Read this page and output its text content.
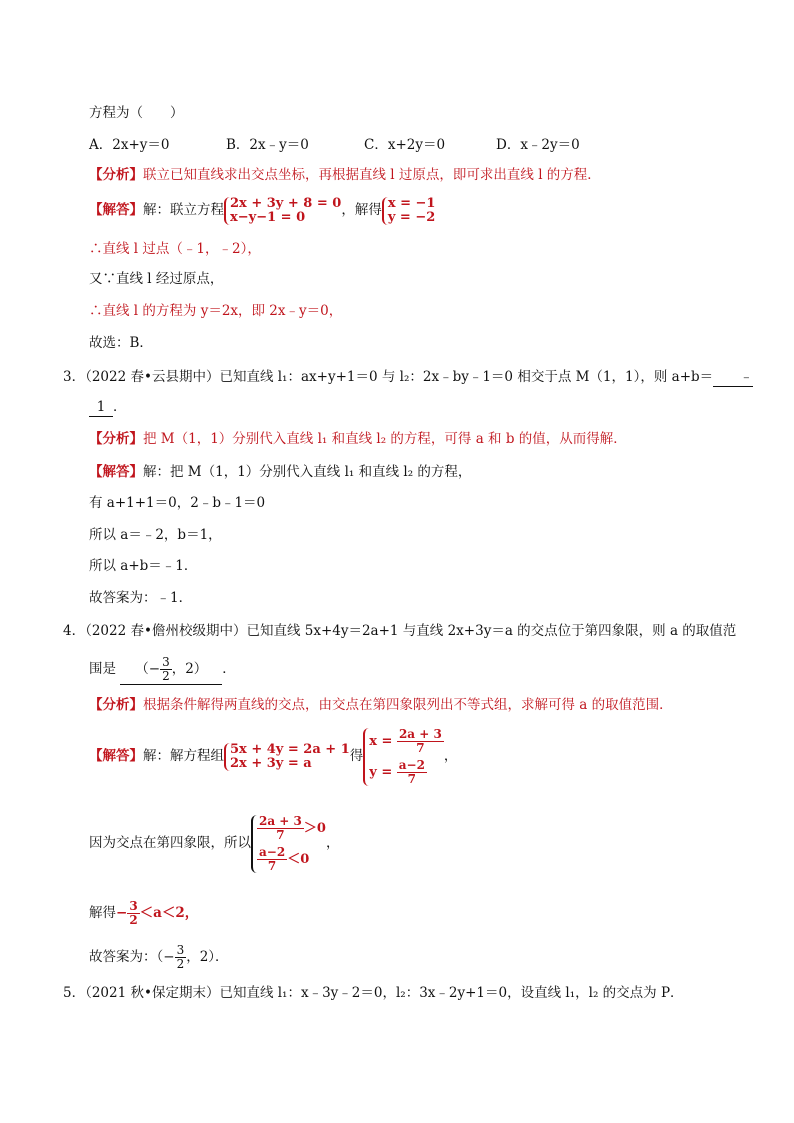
方程为（　　）
A．2x+y＝0	B．2x﹣y＝0	C．x+2y＝0	D．x﹣2y＝0
【分析】联立已知直线求出交点坐标，再根据直线 l 过原点，即可求出直线 l 的方程．
【解答】解：联立方程 2x + 3y + 8 = 0
x−y−1 = 0	，解得 x = −1
y = −2
∴直线 l 过点（﹣1，﹣2），
又∵直线 l 经过原点，
∴直线 l 的方程为 y＝2x，即 2x﹣y＝0，
故选：B．
3．（2022 春•云县期中）已知直线 l₁：ax+y+1＝0 与 l₂：2x﹣by﹣1＝0 相交于点 M（1，1），则 a+b＝ ﹣
1 ．
【分析】把 M（1，1）分别代入直线 l₁ 和直线 l₂ 的方程，可得 a 和 b 的值，从而得解．
【解答】解：把 M（1，1）分别代入直线 l₁ 和直线 l₂ 的方程，
有 a+1+1＝0，2﹣b﹣1＝0
所以 a＝﹣2，b＝1，
所以 a+b＝﹣1．
故答案为：﹣1．
4．（2022 春•儋州校级期中）已知直线 5x+4y＝2a+1 与直线 2x+3y＝a 的交点位于第四象限，则 a 的取值范
围是 （− $\frac{3}{2}$ ，2） ．
【分析】根据条件解得两直线的交点，由交点在第四象限列出不等式组，求解可得 a 的取值范围．
【解答】解：解方程组 5x + 4y = 2a + 1
2x + 3y = a	得
$x = \frac{2a + 3}{7}$
$y = \frac{a-2}{7}$
，
因为交点在第四象限，所以
$\frac{2a + 3}{7} >0$
$\frac{a-2}{7} <0$
，
解得− $\frac{3}{2} <a<2$，
故答案为：（− $\frac{3}{2}$ ，2）．
5．（2021 秋•保定期末）已知直线 l₁：x﹣3y﹣2＝0，l₂：3x﹣2y+1＝0，设直线 l₁，l₂ 的交点为 P．
